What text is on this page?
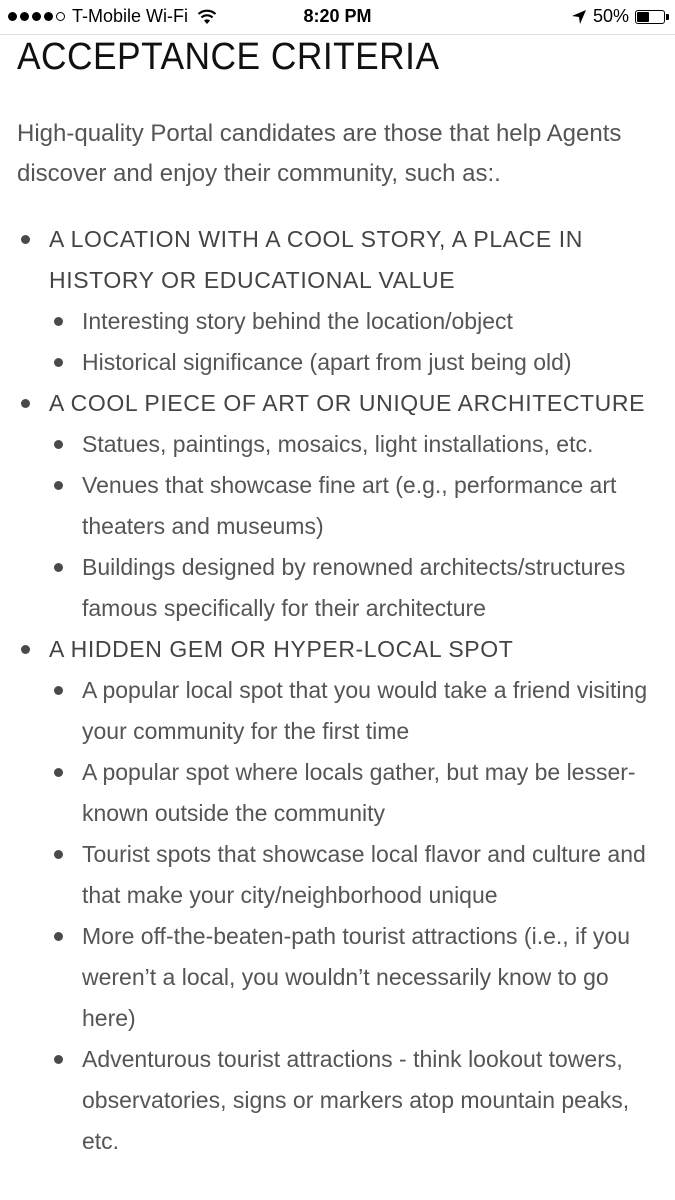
T-Mobile Wi-Fi	8:20 PM	50%
ACCEPTANCE CRITERIA

High-quality Portal candidates are those that help Agents discover and enjoy their community, such as:.

A LOCATION WITH A COOL STORY, A PLACE IN HISTORY OR EDUCATIONAL VALUE
Interesting story behind the location/object
Historical significance (apart from just being old)
A COOL PIECE OF ART OR UNIQUE ARCHITECTURE
Statues, paintings, mosaics, light installations, etc.
Venues that showcase fine art (e.g., performance art theaters and museums)
Buildings designed by renowned architects/structures famous specifically for their architecture
A HIDDEN GEM OR HYPER-LOCAL SPOT
A popular local spot that you would take a friend visiting your community for the first time
A popular spot where locals gather, but may be lesser-known outside the community
Tourist spots that showcase local flavor and culture and that make your city/neighborhood unique
More off-the-beaten-path tourist attractions (i.e., if you weren’t a local, you wouldn’t necessarily know to go here)
Adventurous tourist attractions - think lookout towers, observatories, signs or markers atop mountain peaks, etc.
